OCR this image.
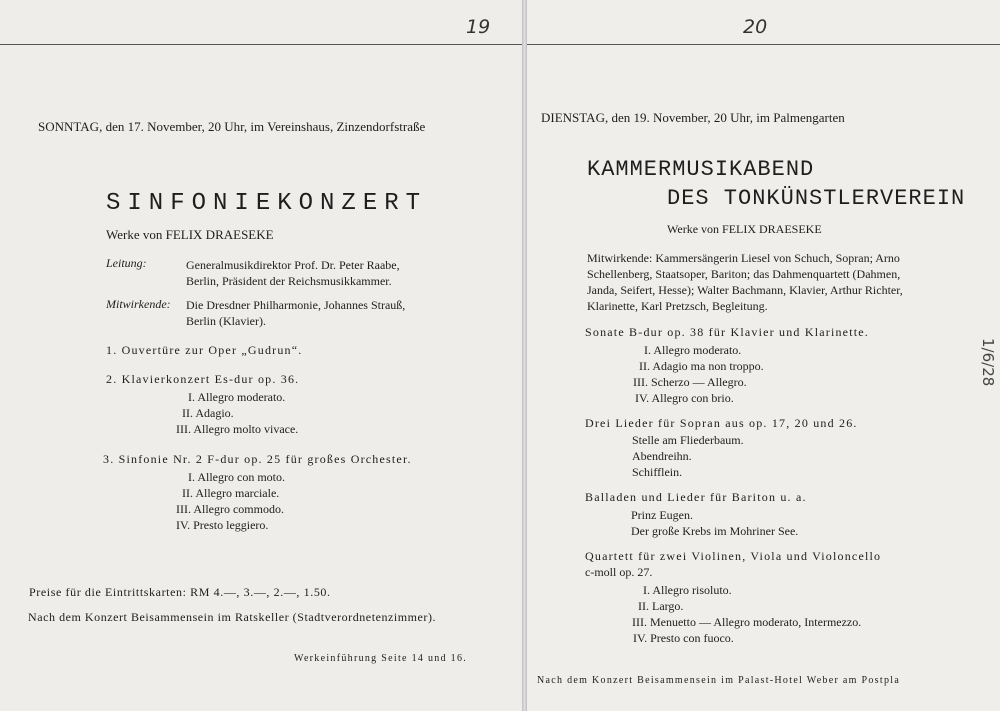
19
SONNTAG, den 17. November, 20 Uhr, im Vereinshaus, Zinzendorfstraße
SINFONIEKONZERT
Werke von FELIX DRAESEKE
Leitung:	Generalmusikdirektor Prof. Dr. Peter Raabe,
Berlin, Präsident der Reichsmusikkammer.
Mitwirkende: Die Dresdner Philharmonie, Johannes Strauß,
Berlin (Klavier).
1. Ouvertüre zur Oper „Gudrun“.
2. Klavierkonzert Es-dur op. 36.
I. Allegro moderato.
II. Adagio.
III. Allegro molto vivace.
3. Sinfonie Nr. 2 F-dur op. 25 für großes Orchester.
I. Allegro con moto.
II. Allegro marciale.
III. Allegro commodo.
IV. Presto leggiero.
Preise für die Eintrittskarten: RM 4.—, 3.—, 2.—, 1.50.
Nach dem Konzert Beisammensein im Ratskeller (Stadtverordnetenzimmer).
Werkeinführung Seite 14 und 16.
20
DIENSTAG, den 19. November, 20 Uhr, im Palmengarten
KAMMERMUSIKABEND
DES TONKÜNSTLERVEREIN
Werke von FELIX DRAESEKE
Mitwirkende: Kammersängerin Liesel von Schuch, Sopran; Arno
Schellenberg, Staatsoper, Bariton; das Dahmenquartett (Dahmen,
Janda, Seifert, Hesse); Walter Bachmann, Klavier, Arthur Richter,
Klarinette, Karl Pretzsch, Begleitung.
Sonate B-dur op. 38 für Klavier und Klarinette.
I. Allegro moderato.
II. Adagio ma non troppo.
III. Scherzo — Allegro.
IV. Allegro con brio.
Drei Lieder für Sopran aus op. 17, 20 und 26.
Stelle am Fliederbaum.
Abendreihn.
Schifflein.
Balladen und Lieder für Bariton u. a.
Prinz Eugen.
Der große Krebs im Mohriner See.
Quartett für zwei Violinen, Viola und Violoncello
c-moll op. 27.
I. Allegro risoluto.
II. Largo.
III. Menuetto — Allegro moderato, Intermezzo.
IV. Presto con fuoco.
Nach dem Konzert Beisammensein im Palast-Hotel Weber am Postpla
1/6/28
